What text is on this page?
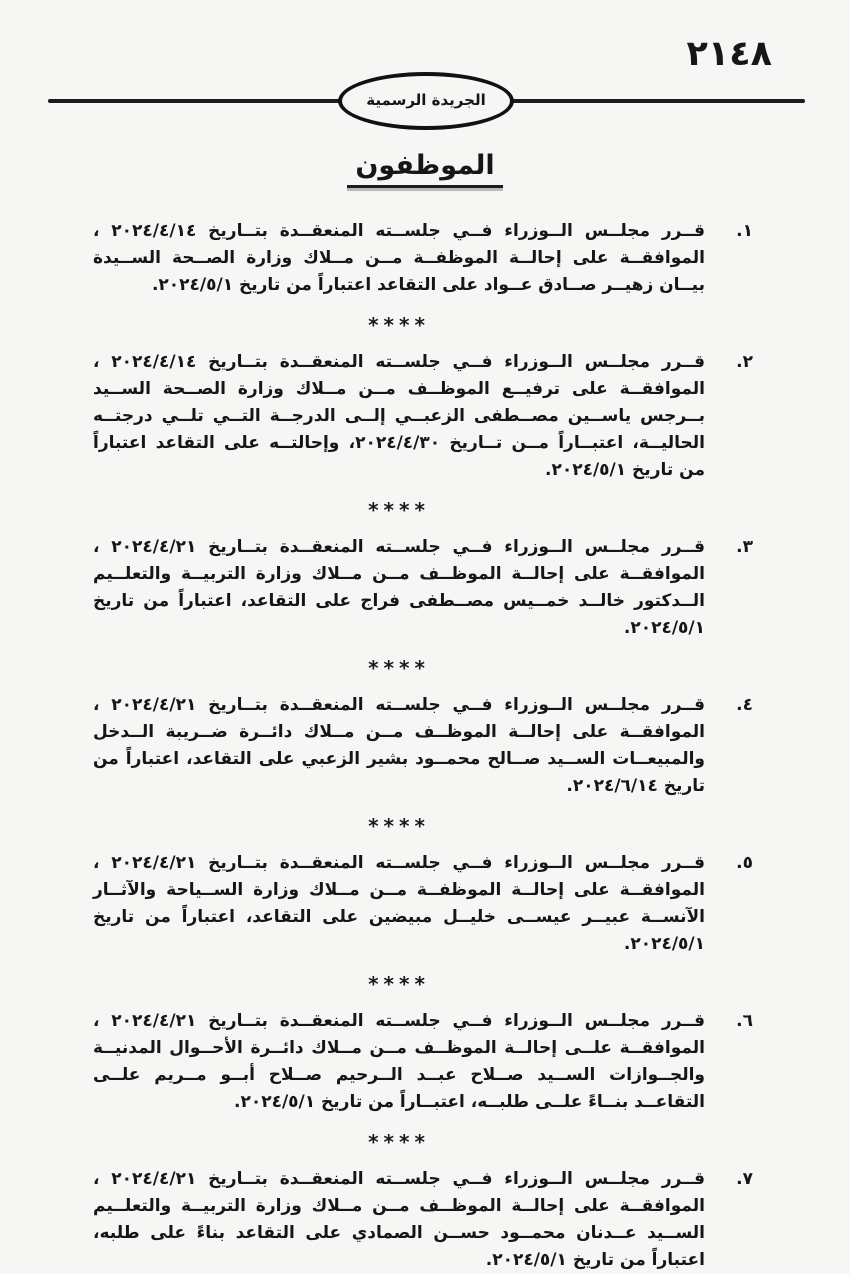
٢١٤٨
الجريدة الرسمية
الموظفون
١.

قــرر مجلــس الــوزراء فــي جلســته المنعقــدة بتــاريخ ٢٠٢٤/٤/١٤ ، الموافقــة على إحالــة الموظفــة مــن مــلاك وزارة الصــحة الســيدة بيــان زهيــر صــادق عــواد على التقاعد اعتباراً من تاريخ ٢٠٢٤/٥/١.

****
٢.

قــرر مجلــس الــوزراء فــي جلســته المنعقــدة بتــاريخ ٢٠٢٤/٤/١٤ ، الموافقــة على ترفيــع الموظــف مــن مــلاك وزارة الصــحة الســيد بــرجس ياســين مصــطفى الزعبــي إلــى الدرجــة التــي تلــي درجتــه الحاليــة، اعتبــاراً مــن تــاريخ ٢٠٢٤/٤/٣٠، وإحالتــه على التقاعد اعتباراً من تاريخ ٢٠٢٤/٥/١.

****
٣.

قــرر مجلــس الــوزراء فــي جلســته المنعقــدة بتــاريخ ٢٠٢٤/٤/٢١ ، الموافقــة على إحالــة الموظــف مــن مــلاك وزارة التربيــة والتعلــيم الــدكتور خالــد خمــيس مصــطفى فراج على التقاعد، اعتباراً من تاريخ ٢٠٢٤/٥/١.

****
٤.

قــرر مجلــس الــوزراء فــي جلســته المنعقــدة بتــاريخ ٢٠٢٤/٤/٢١ ، الموافقــة على إحالــة الموظــف مــن مــلاك دائــرة ضــريبة الــدخل والمبيعــات الســيد صــالح محمــود بشير الزعبي على التقاعد، اعتباراً من تاريخ ٢٠٢٤/٦/١٤.

****
٥.

قــرر مجلــس الــوزراء فــي جلســته المنعقــدة بتــاريخ ٢٠٢٤/٤/٢١ ، الموافقــة على إحالــة الموظفــة مــن مــلاك وزارة الســياحة والآثــار الآنســة عبيــر عيســى خليــل مبيضين على التقاعد، اعتباراً من تاريخ ٢٠٢٤/٥/١.

****
٦.

قــرر مجلــس الــوزراء فــي جلســته المنعقــدة بتــاريخ ٢٠٢٤/٤/٢١ ، الموافقــة علــى إحالــة الموظــف مــن مــلاك دائــرة الأحــوال المدنيــة والجــوازات الســيد صــلاح عبــد الــرحيم صــلاح أبــو مــريم علــى التقاعــد بنــاءً علــى طلبــه، اعتبــاراً من تاريخ ٢٠٢٤/٥/١.

****
٧.

قــرر مجلــس الــوزراء فــي جلســته المنعقــدة بتــاريخ ٢٠٢٤/٤/٢١ ، الموافقــة على إحالــة الموظــف مــن مــلاك وزارة التربيــة والتعلــيم الســيد عــدنان محمــود حســن الصمادي على التقاعد بناءً على طلبه، اعتباراً من تاريخ ٢٠٢٤/٥/١.
